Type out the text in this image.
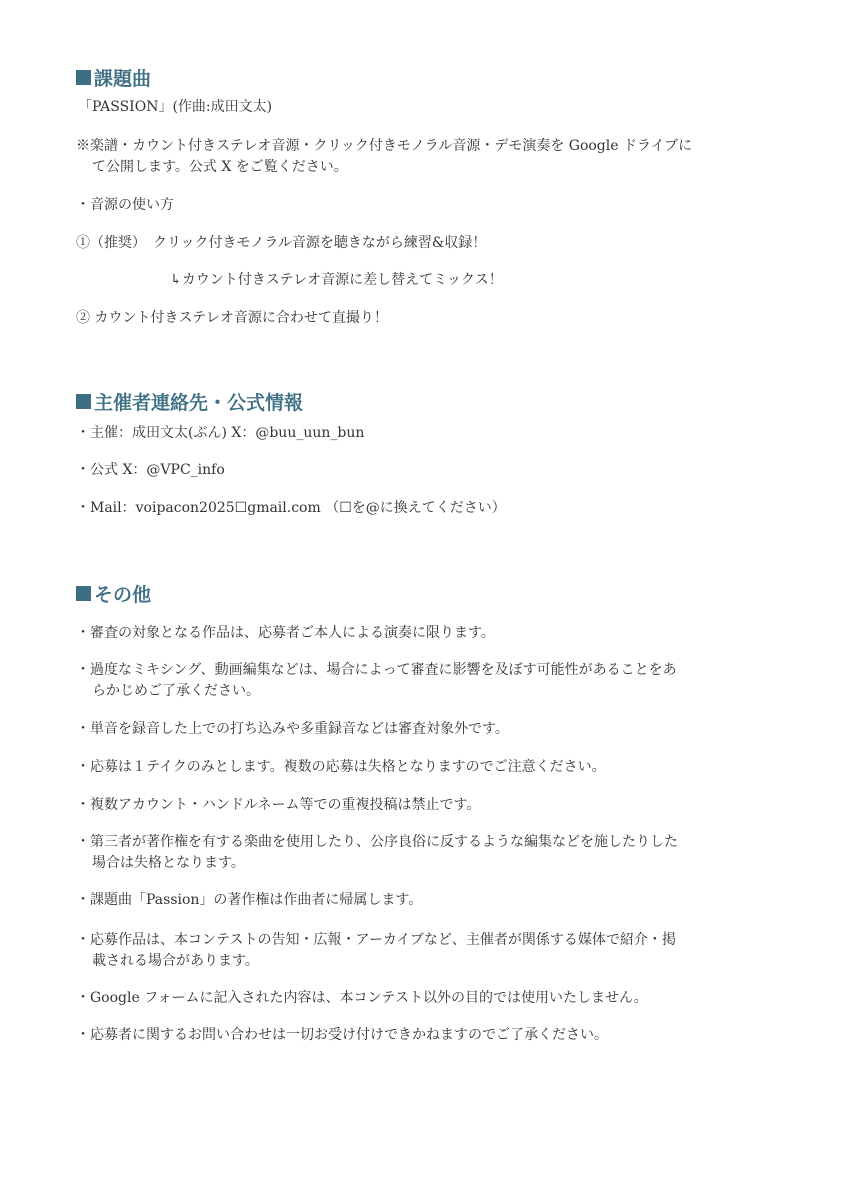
課題曲
「PASSION」(作曲:成田文太)
※楽譜・カウント付きステレオ音源・クリック付きモノラル音源・デモ演奏を Google ドライブに
て公開します。公式 X をご覧ください。
・音源の使い方
①（推奨）　クリック付きモノラル音源を聴きながら練習&収録！
↳カウント付きステレオ音源に差し替えてミックス！
② カウント付きステレオ音源に合わせて直撮り！
主催者連絡先・公式情報
・主催：成田文太(ぶん) X：@buu_uun_bun
・公式 X：@VPC_info
・Mail：voipacon2025☐gmail.com （☐を@に換えてください）
その他
・審査の対象となる作品は、応募者ご本人による演奏に限ります。
・過度なミキシング、動画編集などは、場合によって審査に影響を及ぼす可能性があることをあ
らかじめご了承ください。
・単音を録音した上での打ち込みや多重録音などは審査対象外です。
・応募は１テイクのみとします。複数の応募は失格となりますのでご注意ください。
・複数アカウント・ハンドルネーム等での重複投稿は禁止です。
・第三者が著作権を有する楽曲を使用したり、公序良俗に反するような編集などを施したりした
場合は失格となります。
・課題曲「Passion」の著作権は作曲者に帰属します。
・応募作品は、本コンテストの告知・広報・アーカイブなど、主催者が関係する媒体で紹介・掲
載される場合があります。
・Google フォームに記入された内容は、本コンテスト以外の目的では使用いたしません。
・応募者に関するお問い合わせは一切お受け付けできかねますのでご了承ください。
